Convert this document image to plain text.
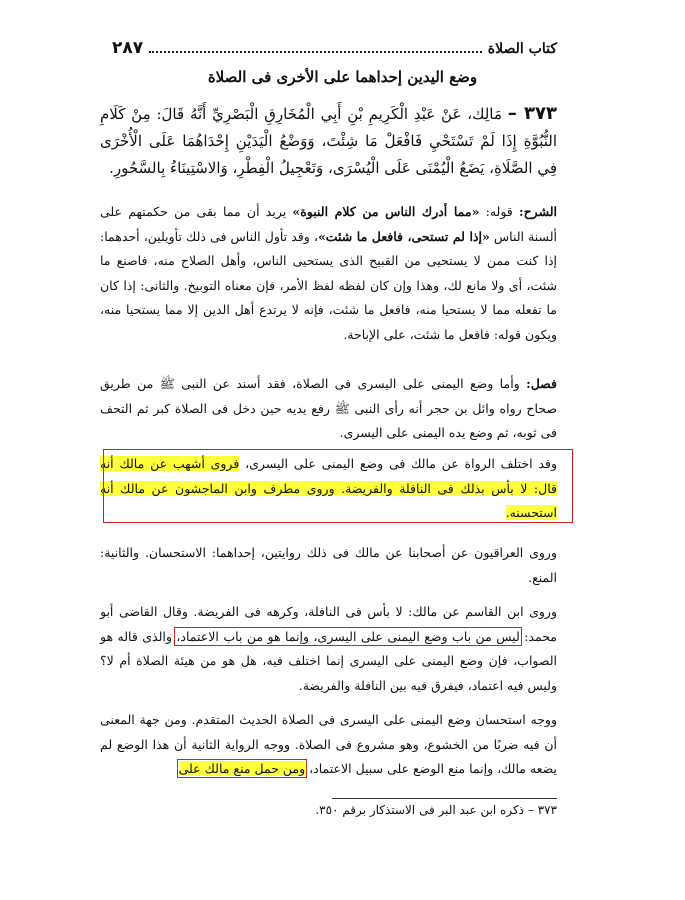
كتاب الصلاة
٢٨٧
وضع اليدين إحداهما على الأخرى فى الصلاة
٣٧٣ – مَالِك، عَنْ عَبْدِ الْكَرِيمِ بْنِ أَبِي الْمُخَارِقِ الْبَصْرِيِّ أَنَّهُ قَالَ: مِنْ كَلَامِ النُّبُوَّةِ إِذَا لَمْ تَسْتَحْيِ فَافْعَلْ مَا شِئْتَ، وَوَضْعُ الْيَدَيْنِ إِحْدَاهُمَا عَلَى الْأُخْرَى فِي الصَّلَاةِ، يَضَعُ الْيُمْنَى عَلَى الْيُسْرَى، وَتَعْجِيلُ الْفِطْرِ، وَالاسْتِينَاءُ بِالسَّحُورِ.
الشرح: قوله: «مما أدرك الناس من كلام النبوة» يريد أن مما بقى من حكمتهم على ألسنة الناس «إذا لم تستحى، فافعل ما شئت»، وقد تأول الناس فى ذلك تأويلين، أحدهما: إذا كنت ممن لا يستحيى من القبيح الذى يستحيى الناس، وأهل الصلاح منه، فاصنع ما شئت، أى ولا مانع لك، وهذا وإن كان لفظه لفظ الأمر، فإن معناه التوبيخ. والثانى: إذا كان ما تفعله مما لا يستحيا منه، فافعل ما شئت، فإنه لا يرتدع أهل الدين إلا مما يستحيا منه، ويكون قوله: فافعل ما شئت، على الإباحة.
فصل: وأما وضع اليمنى على اليسرى فى الصلاة، فقد أسند عن النبى ﷺ من طريق صحاح رواه وائل بن حجر أنه رأى النبى ﷺ رفع يديه حين دخل فى الصلاة كبر ثم التحف فى ثوبه، ثم وضع يده اليمنى على اليسرى.
وقد اختلف الرواة عن مالك فى وضع اليمنى على اليسرى، فروى أشهب عن مالك أنه قال: لا بأس بذلك فى النافلة والفريضة. وروى مطرف وابن الماجشون عن مالك أنه استحسنه.
وروى العراقيون عن أصحابنا عن مالك فى ذلك روايتين، إحداهما: الاستحسان. والثانية: المنع.
وروى ابن القاسم عن مالك: لا بأس فى النافلة، وكرهه فى الفريضة. وقال القاضى أبو محمد: ليس من باب وضع اليمنى على اليسرى، وإنما هو من باب الاعتماد، والذى قاله هو الصواب، فإن وضع اليمنى على اليسرى إنما اختلف فيه، هل هو من هيئة الصلاة أم لا؟ وليس فيه اعتماد، فيفرق فيه بين النافلة والفريضة.
ووجه استحسان وضع اليمنى على اليسرى فى الصلاة الحديث المتقدم. ومن جهة المعنى أن فيه ضربًا من الخشوع، وهو مشروع فى الصلاة. ووجه الرواية الثانية أن هذا الوضع لم يضعه مالك، وإنما منع الوضع على سبيل الاعتماد، ومن حمل منع مالك على
٣٧٣ – ذكره ابن عبد البر فى الاستذكار برقم ٣٥٠.
